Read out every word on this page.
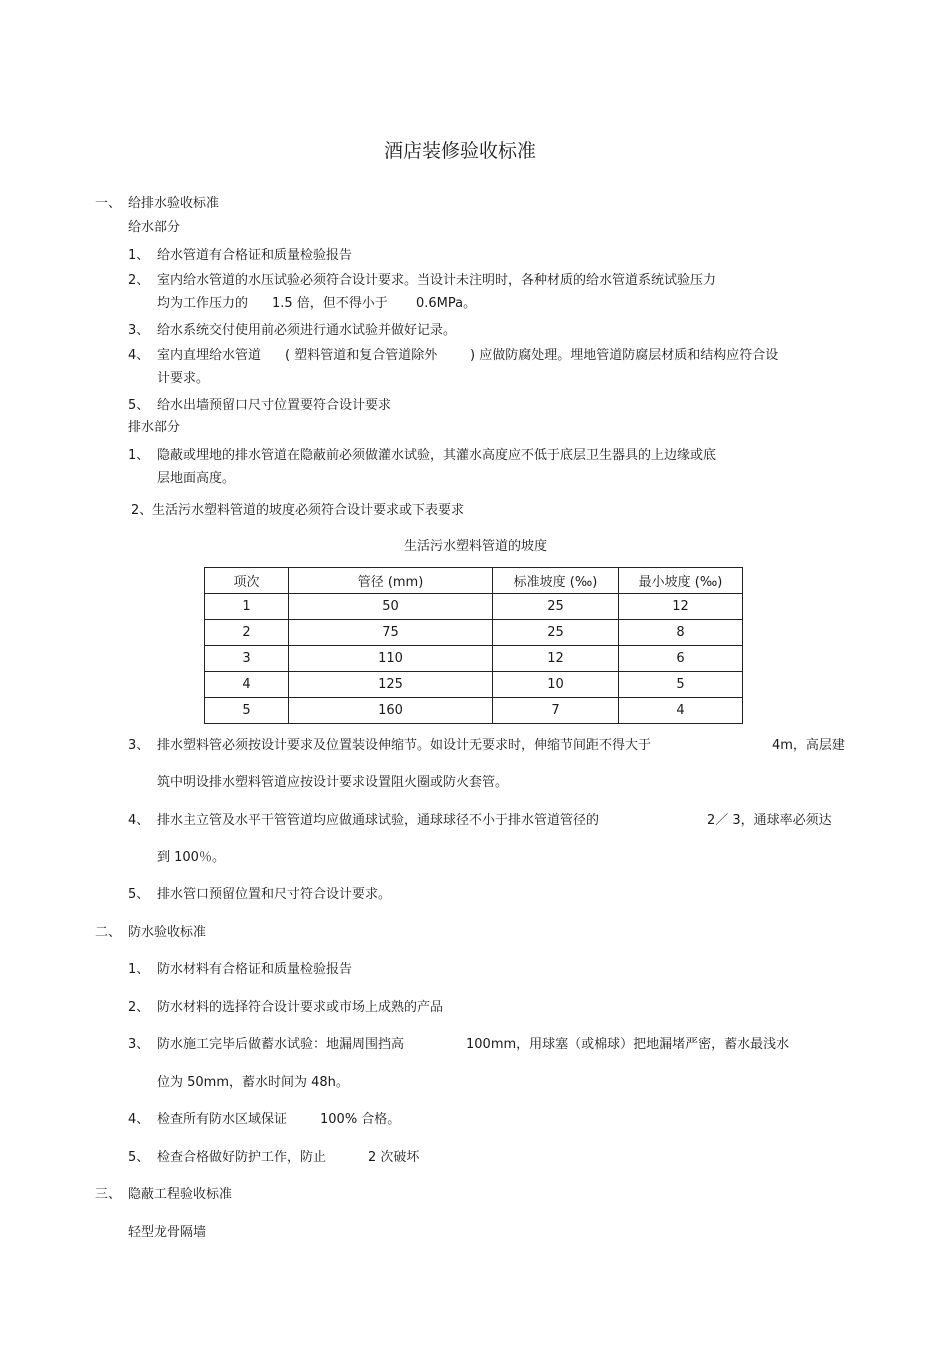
酒店装修验收标准
一、 给排水验收标准
给水部分
1、 给水管道有合格证和质量检验报告
2、 室内给水管道的水压试验必须符合设计要求。当设计未注明时，各种材质的给水管道系统试验压力
均为工作压力的 1.5 倍，但不得小于 0.6MPa。
3、 给水系统交付使用前必须进行通水试验并做好记录。
4、 室内直埋给水管道 ( 塑料管道和复合管道除外	) 应做防腐处理。埋地管道防腐层材质和结构应符合设
计要求。
5、 给水出墙预留口尺寸位置要符合设计要求
排水部分
1、 隐蔽或埋地的排水管道在隐蔽前必须做灌水试验，其灌水高度应不低于底层卫生器具的上边缘或底
层地面高度。
2、 生活污水塑料管道的坡度必须符合设计要求或下表要求
生活污水塑料管道的坡度
项次	管径 (mm)	标准坡度 (‰)	最小坡度 (‰)
1	50	25	12
2	75	25	8
3	110	12	6
4	125	10	5
5	160	7	4
3、 排水塑料管必须按设计要求及位置装设伸缩节。如设计无要求时，伸缩节间距不得大于	4m，高层建
筑中明设排水塑料管道应按设计要求设置阻火圈或防火套管。
4、 排水主立管及水平干管管道均应做通球试验，通球球径不小于排水管道管径的	2／ 3，通球率必须达
到 100％。
5、 排水管口预留位置和尺寸符合设计要求。
二、 防水验收标准
1、 防水材料有合格证和质量检验报告
2、 防水材料的选择符合设计要求或市场上成熟的产品
3、 防水施工完毕后做蓄水试验：地漏周围挡高	100mm，用球塞（或棉球）把地漏堵严密，蓄水最浅水
位为 50mm，蓄水时间为 48h。
4、 检查所有防水区域保证	100% 合格。
5、 检查合格做好防护工作，防止	2 次破坏
三、 隐蔽工程验收标准
轻型龙骨隔墙
